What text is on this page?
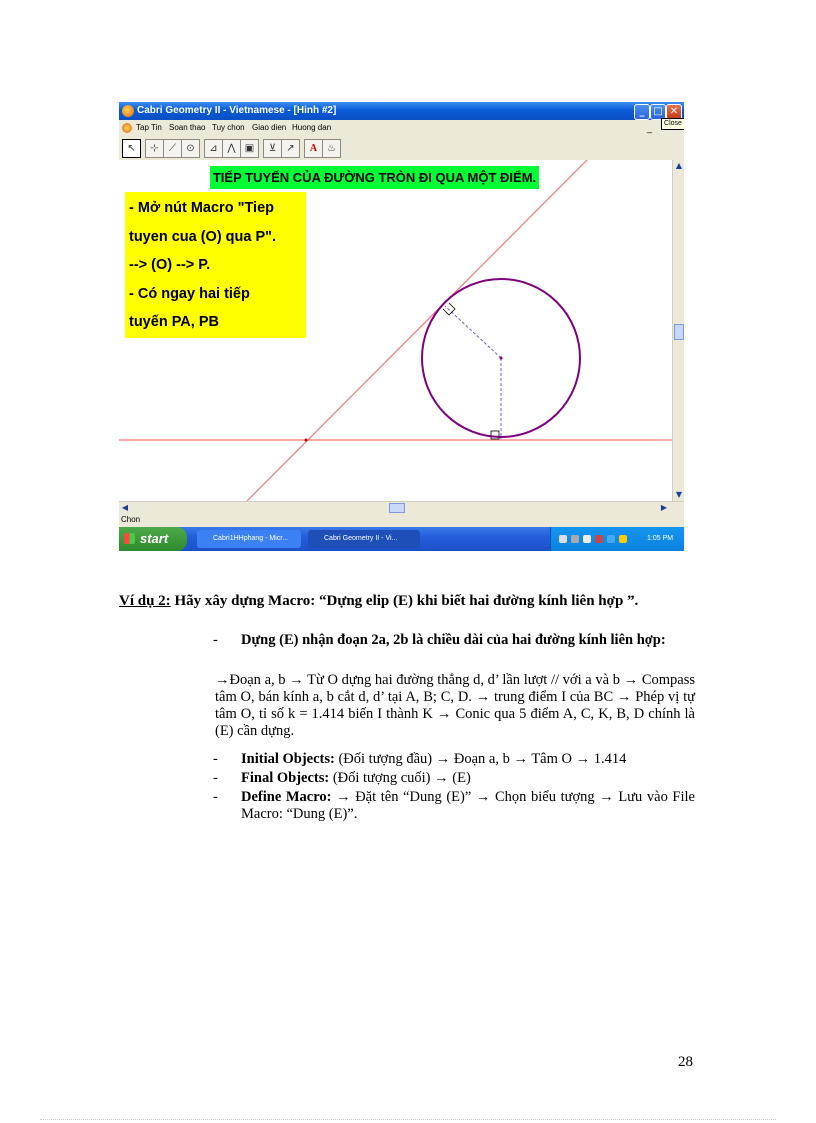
Cabri Geometry II - Vietnamese - [Hinh #2]	_ □ ✕
Tap Tin Soan thao Tuy chon Giao dien Huong dan	_	Close
↖	⊹	⟋	⊙	⊿ ⋀ ▣	⊻	↗	A ♨
TIẾP TUYẾN CỦA ĐƯỜNG TRÒN ĐI QUA MỘT ĐIỂM.
- Mở nút Macro "Tiep
tuyen cua (O) qua P".
--> (O) --> P.
- Có ngay hai tiếp
tuyến PA, PB
▲
▼
◀	▶
Chon
start	Cabri1HHphang - Micr...	Cabri Geometry II - Vi...	1:05 PM
Ví dụ 2: Hãy xây dựng Macro: “Dựng elip (E) khi biết hai đường kính liên hợp ”.
-	Dựng (E) nhận đoạn 2a, 2b là chiều dài của hai đường kính liên hợp:
→Đoạn a, b → Từ O dựng hai đường thẳng d, d’ lần lượt // với a và b → Compass tâm O, bán kính a, b cắt d, d’ tại A, B; C, D. → trung điểm I của BC → Phép vị tự tâm O, tỉ số k = 1.414 biến I thành K → Conic qua 5 điểm A, C, K, B, D chính là (E) cần dựng.
-	Initial Objects: (Đối tượng đầu) → Đoạn a, b → Tâm O → 1.414
-	Final Objects: (Đối tượng cuối) → (E)
-	Define Macro: → Đặt tên “Dung (E)” → Chọn biểu tượng → Lưu vào File Macro: “Dung (E)”.
28
